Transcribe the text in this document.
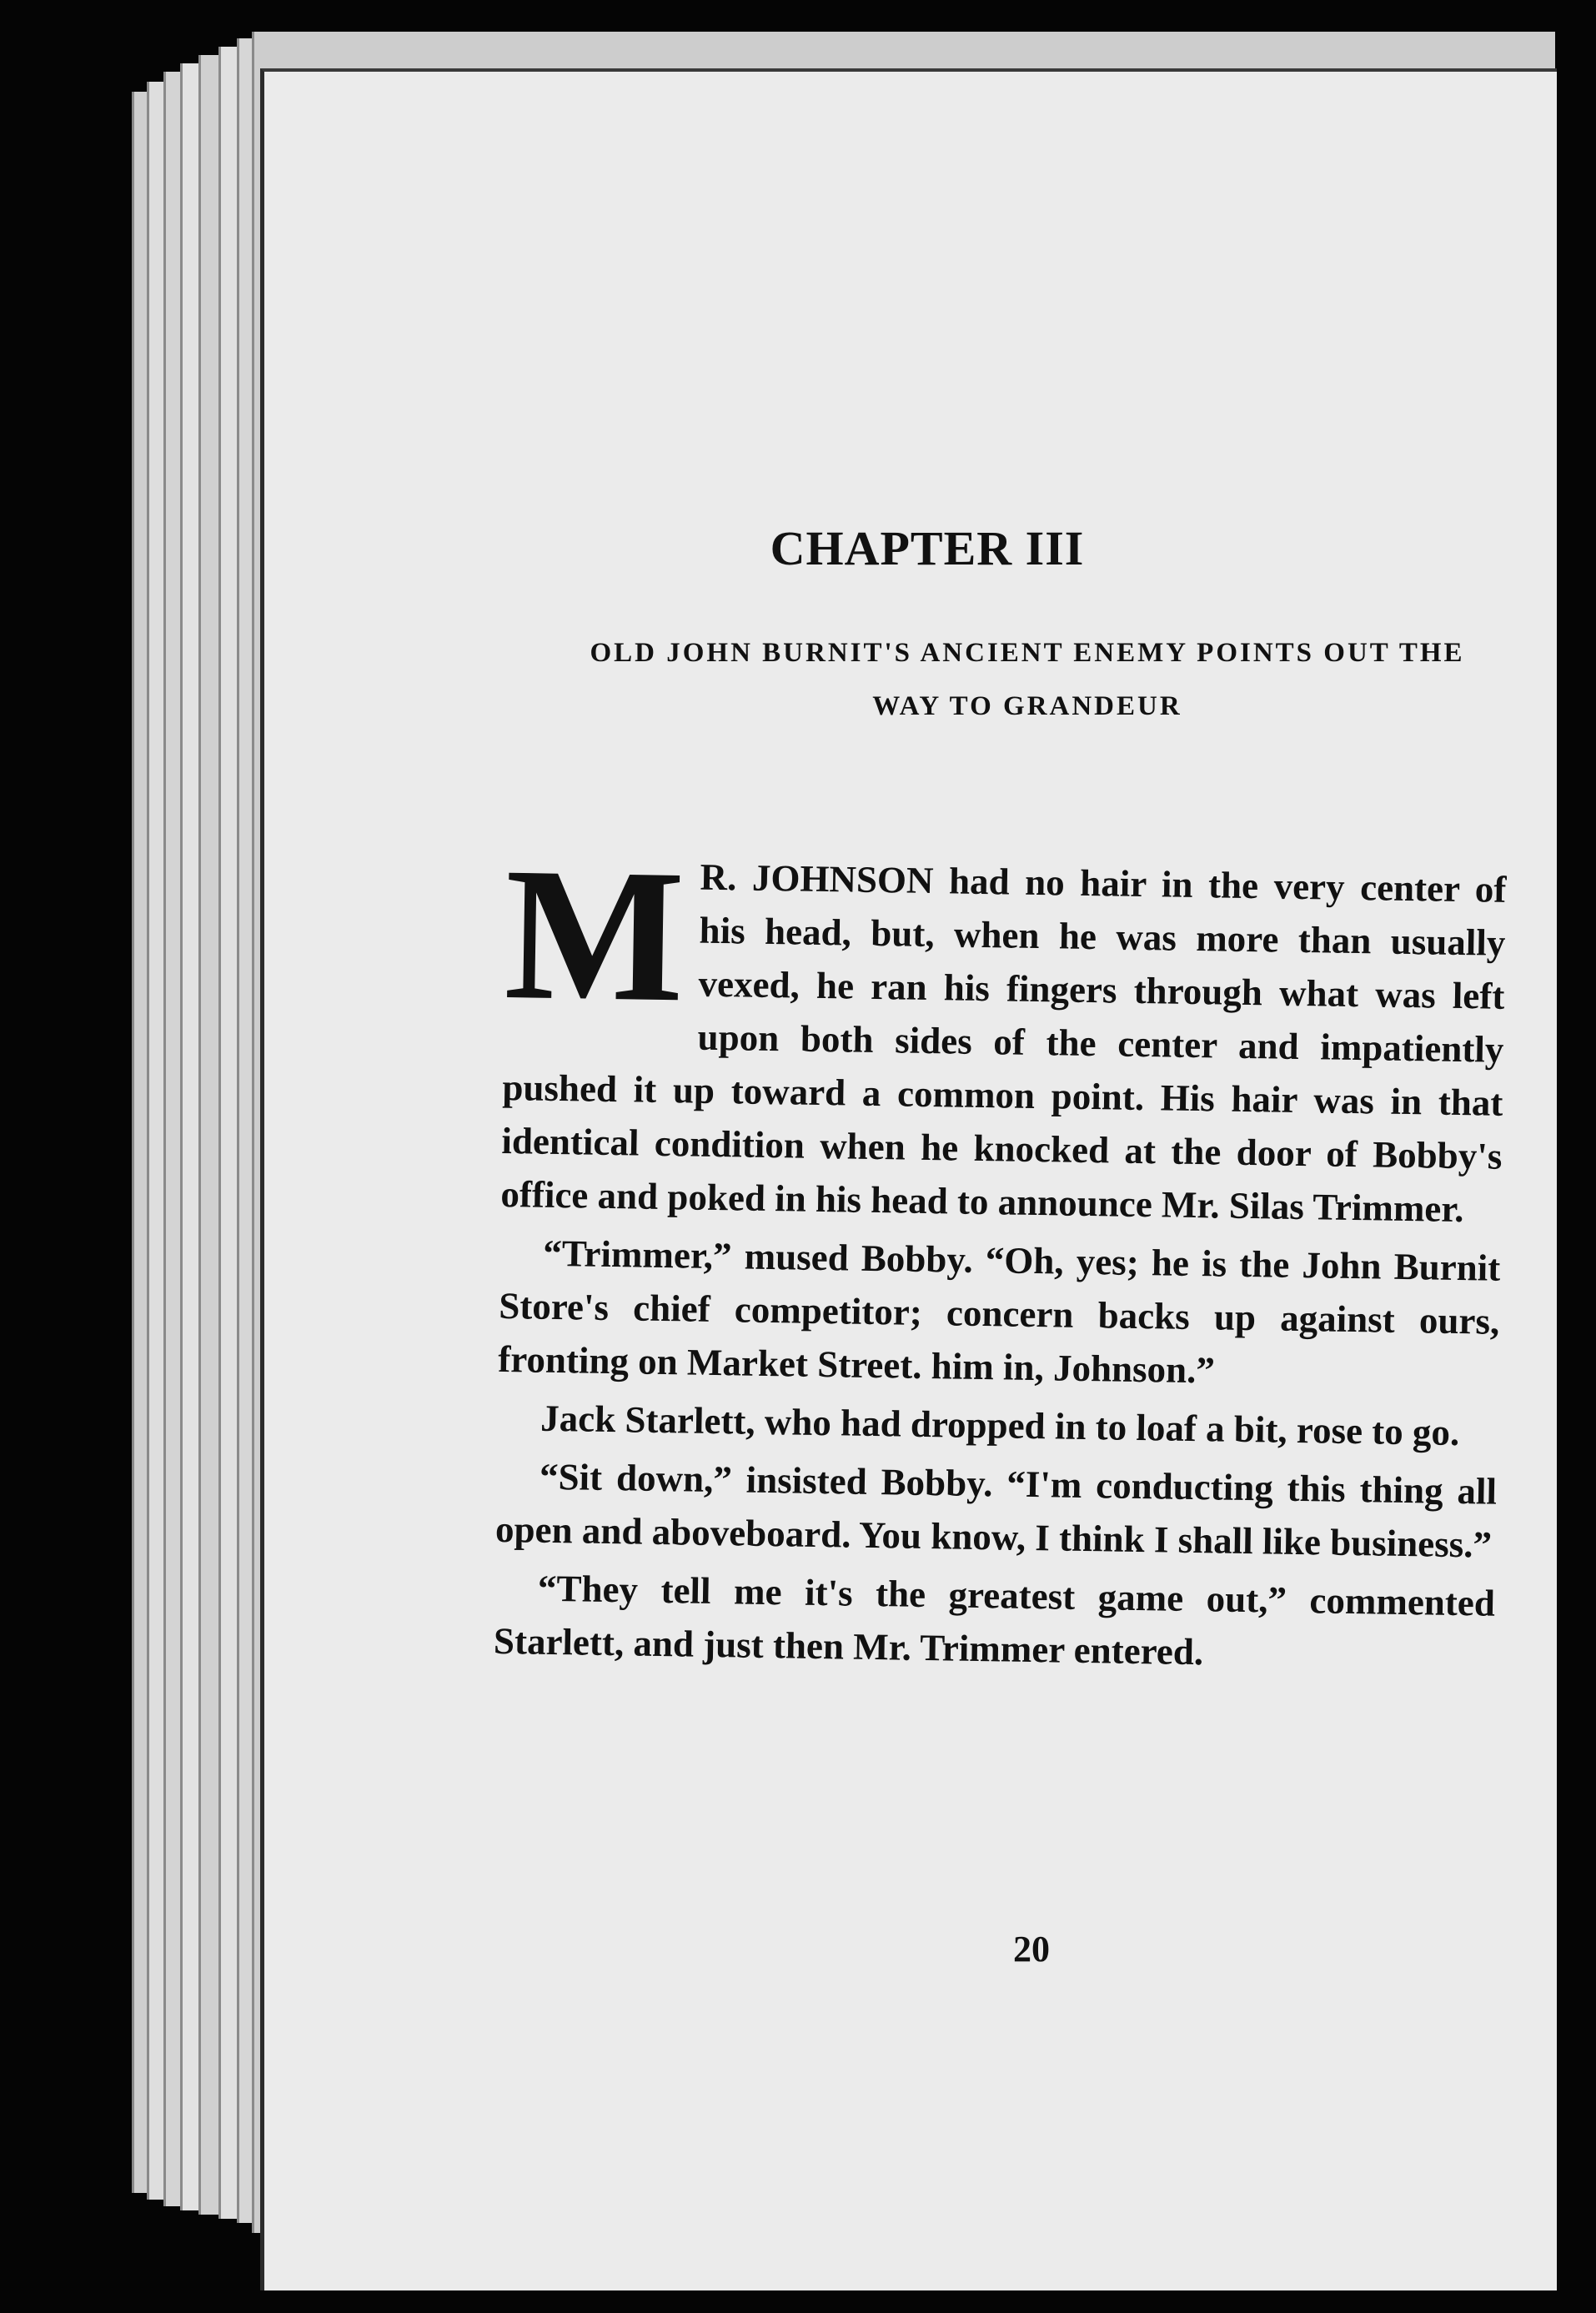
CHAPTER III
OLD JOHN BURNIT'S ANCIENT ENEMY POINTS OUT THE
WAY TO GRANDEUR

M R. JOHNSON had no hair in the very center of his head, but, when he was more than usually vexed, he ran his fingers through what was left upon both sides of the center and impatiently pushed it up toward a common point. His hair was in that identical condition when he knocked at the door of Bobby's office and poked in his head to announce Mr. Silas Trimmer.

“Trimmer,” mused Bobby. “Oh, yes; he is the John Burnit Store's chief competitor; concern backs up against ours, fronting on Market Street. him in, Johnson.”

Jack Starlett, who had dropped in to loaf a bit, rose to go.

“Sit down,” insisted Bobby. “I'm conducting this thing all open and aboveboard. You know, I think I shall like business.”

“They tell me it's the greatest game out,” commented Starlett, and just then Mr. Trimmer entered.

20
